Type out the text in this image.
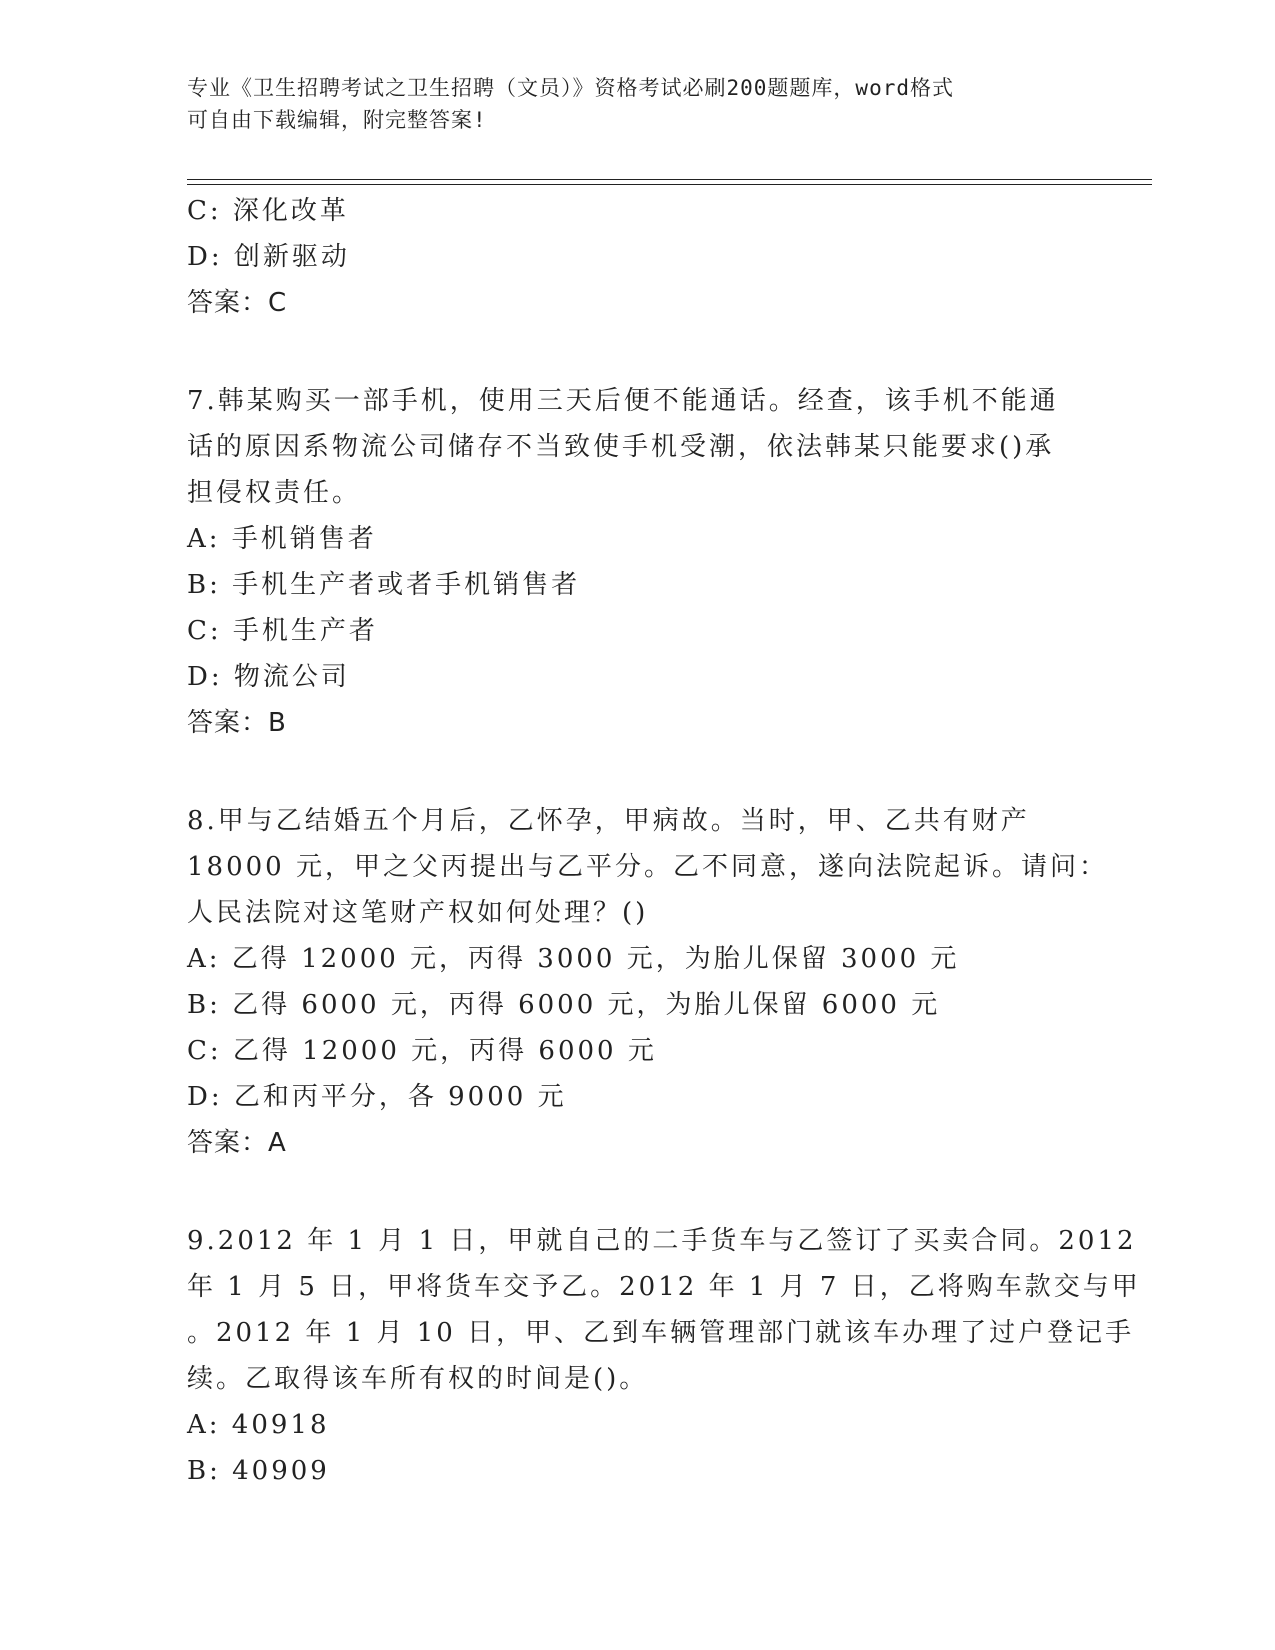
专业《卫生招聘考试之卫生招聘（文员）》资格考试必刷200题题库，word格式
可自由下载编辑，附完整答案!
C: 深化改革
D: 创新驱动
答案：C
7.韩某购买一部手机，使用三天后便不能通话。经查，该手机不能通
话的原因系物流公司储存不当致使手机受潮，依法韩某只能要求()承
担侵权责任。
A: 手机销售者
B: 手机生产者或者手机销售者
C: 手机生产者
D: 物流公司
答案：B
8.甲与乙结婚五个月后，乙怀孕，甲病故。当时，甲、乙共有财产
18000 元，甲之父丙提出与乙平分。乙不同意，遂向法院起诉。请问：
人民法院对这笔财产权如何处理？()
A: 乙得 12000 元，丙得 3000 元，为胎儿保留 3000 元
B: 乙得 6000 元，丙得 6000 元，为胎儿保留 6000 元
C: 乙得 12000 元，丙得 6000 元
D: 乙和丙平分，各 9000 元
答案：A
9.2012 年 1 月 1 日，甲就自己的二手货车与乙签订了买卖合同。2012
年 1 月 5 日，甲将货车交予乙。2012 年 1 月 7 日，乙将购车款交与甲
。2012 年 1 月 10 日，甲、乙到车辆管理部门就该车办理了过户登记手
续。乙取得该车所有权的时间是()。
A: 40918
B: 40909
